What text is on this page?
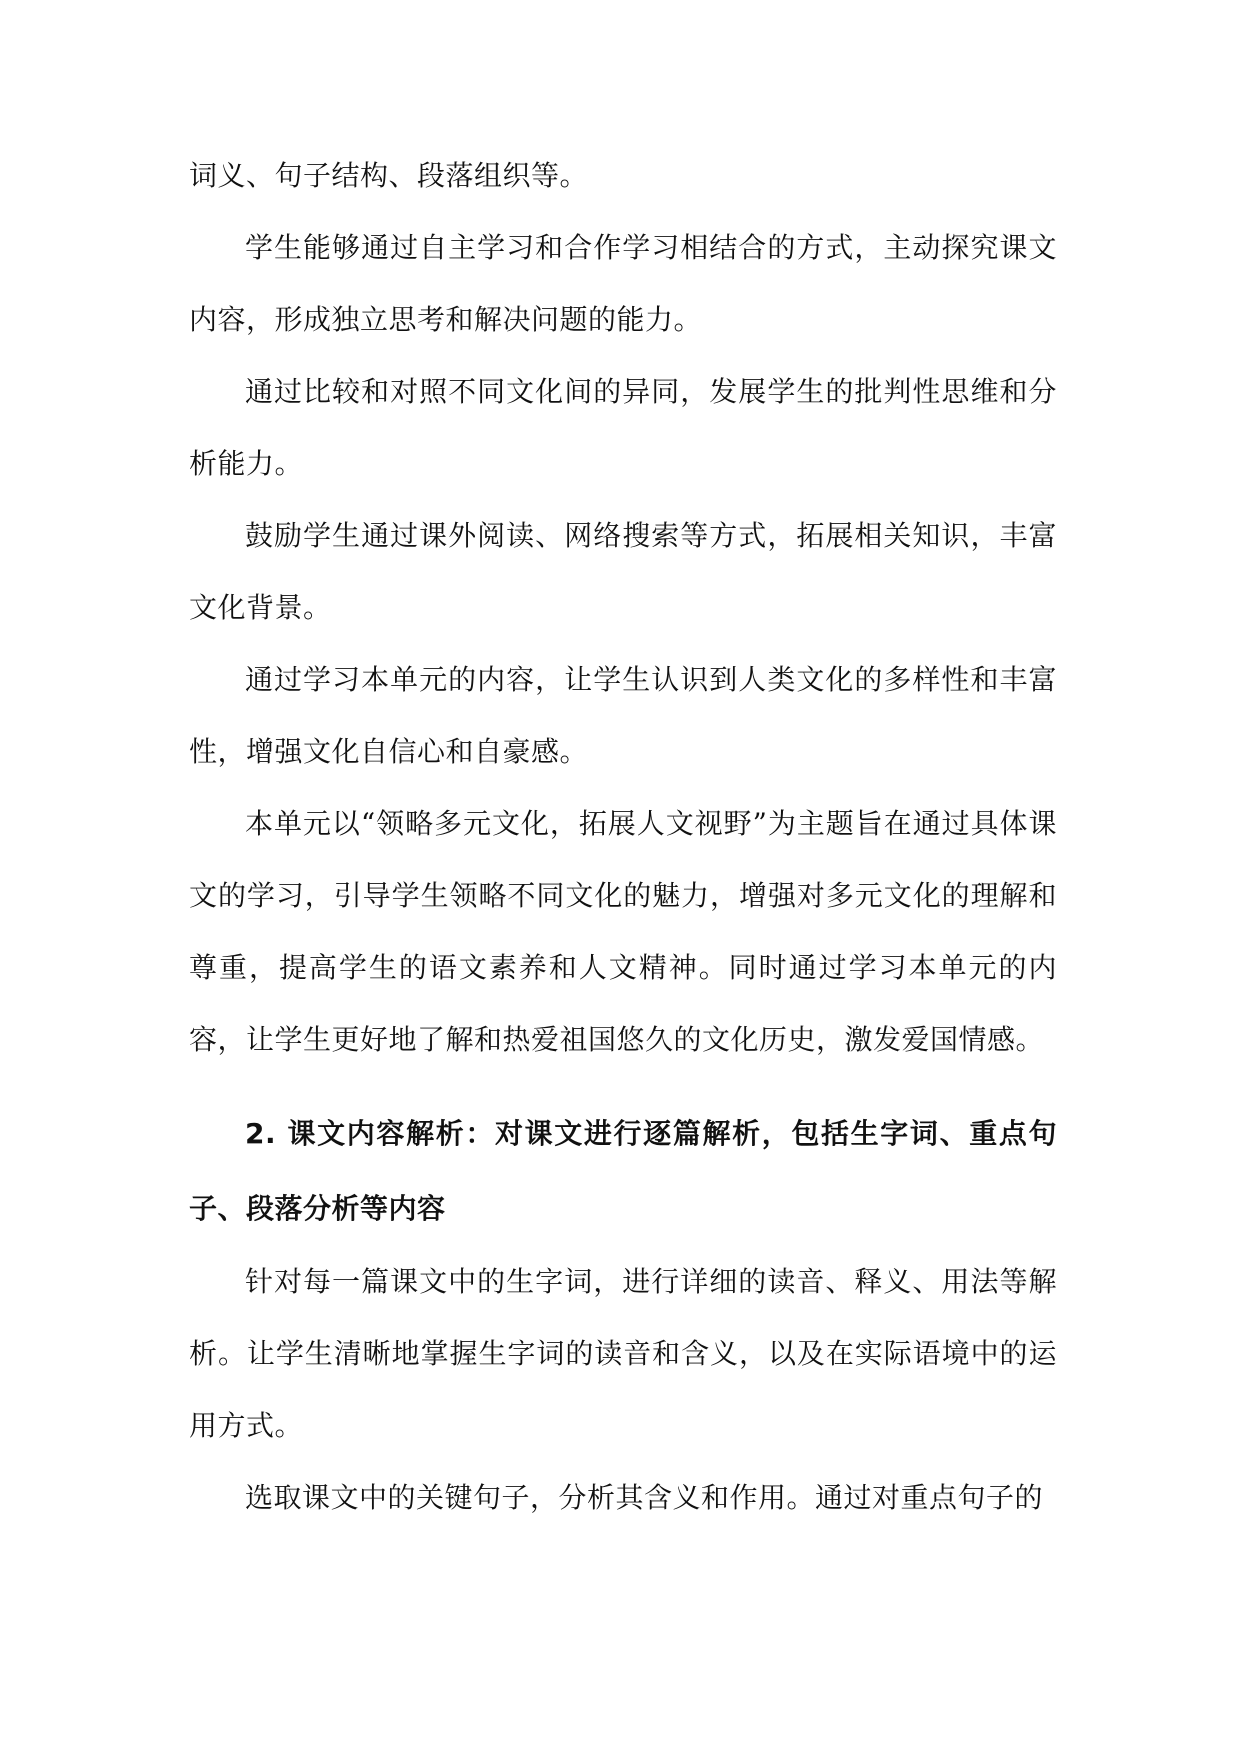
词义、句子结构、段落组织等。

学生能够通过自主学习和合作学习相结合的方式，主动探究课文内容，形成独立思考和解决问题的能力。

通过比较和对照不同文化间的异同，发展学生的批判性思维和分析能力。

鼓励学生通过课外阅读、网络搜索等方式，拓展相关知识，丰富文化背景。

通过学习本单元的内容，让学生认识到人类文化的多样性和丰富性，增强文化自信心和自豪感。

本单元以“领略多元文化，拓展人文视野”为主题旨在通过具体课文的学习，引导学生领略不同文化的魅力，增强对多元文化的理解和尊重，提高学生的语文素养和人文精神。同时通过学习本单元的内容，让学生更好地了解和热爱祖国悠久的文化历史，激发爱国情感。

2. 课文内容解析：对课文进行逐篇解析，包括生字词、重点句子、段落分析等内容

针对每一篇课文中的生字词，进行详细的读音、释义、用法等解析。让学生清晰地掌握生字词的读音和含义，以及在实际语境中的运用方式。

选取课文中的关键句子，分析其含义和作用。通过对重点句子的
